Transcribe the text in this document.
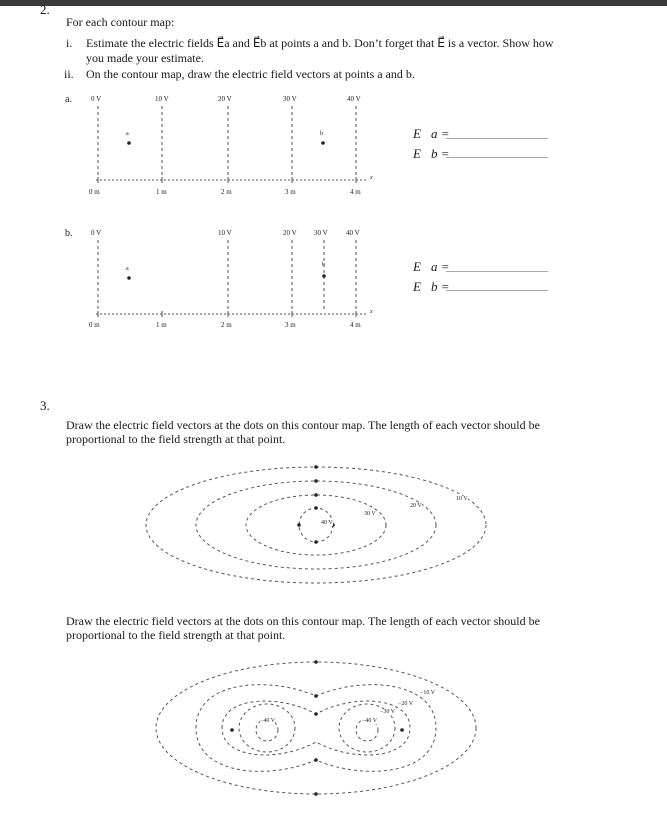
2.
For each contour map:
i. Estimate the electric fields E⃗a and E⃗b at points a and b. Don’t forget that E⃗ is a vector. Show how
you made your estimate.
ii. On the contour map, draw the electric field vectors at points a and b.
a.	0 V	10 V	20 V	30 V	40 V
0 m	1 m	2 m	3 m	4 m
x
a	b	E⃗a =
E⃗b =
b.	0 V	10 V	20 V 30 V	40 V
0 m	1 m	2 m	3 m	4 m
x
a
b	E⃗a =
E⃗b =
3.
Draw the electric field vectors at the dots on this contour map. The length of each vector should be
proportional to the field strength at that point.
Draw the electric field vectors at the dots on this contour map. The length of each vector should be
proportional to the field strength at that point.
40 V
30 V
20 V
10 V
−40 V	−40 V
−30 V
−20 V
−10 V
